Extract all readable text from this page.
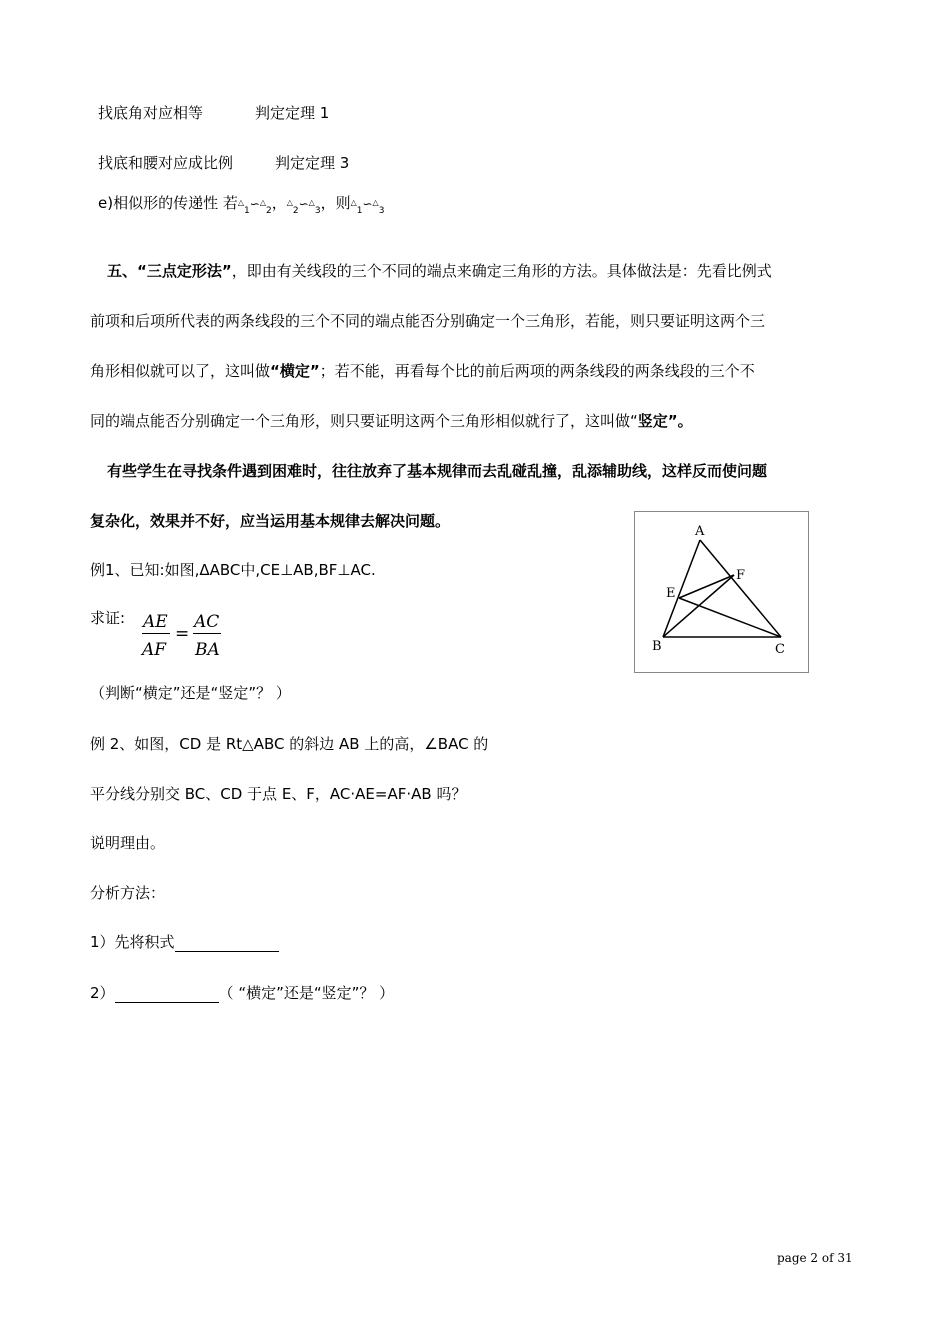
找底角对应相等	判定定理 1
找底和腰对应成比例	判定定理 3
e)相似形的传递性 若$^\triangle_1∽^\triangle_2$，$^\triangle_2∽^\triangle_3$，则$^\triangle_1∽^\triangle_3$
五、“三点定形法”，即由有关线段的三个不同的端点来确定三角形的方法。具体做法是：先看比例式
前项和后项所代表的两条线段的三个不同的端点能否分别确定一个三角形，若能，则只要证明这两个三
角形相似就可以了，这叫做“横定”；若不能，再看每个比的前后两项的两条线段的两条线段的三个不
同的端点能否分别确定一个三角形，则只要证明这两个三角形相似就行了，这叫做“竖定”。
有些学生在寻找条件遇到困难时，往往放弃了基本规律而去乱碰乱撞，乱添辅助线，这样反而使问题
复杂化，效果并不好，应当运用基本规律去解决问题。
例1、已知:如图,ΔABC中,CE⊥AB,BF⊥AC.
求证: AE
AF
=
AC
BA
（判断“横定”还是“竖定”？ ）
A
B	C
E
F
例 2、如图，CD 是 Rt△ABC 的斜边 AB 上的高，∠BAC 的
平分线分别交 BC、CD 于点 E、F，AC·AE=AF·AB 吗？
说明理由。
分析方法：
1）先将积式
2）	（ “横定”还是“竖定”？ ）
page 2 of 31
